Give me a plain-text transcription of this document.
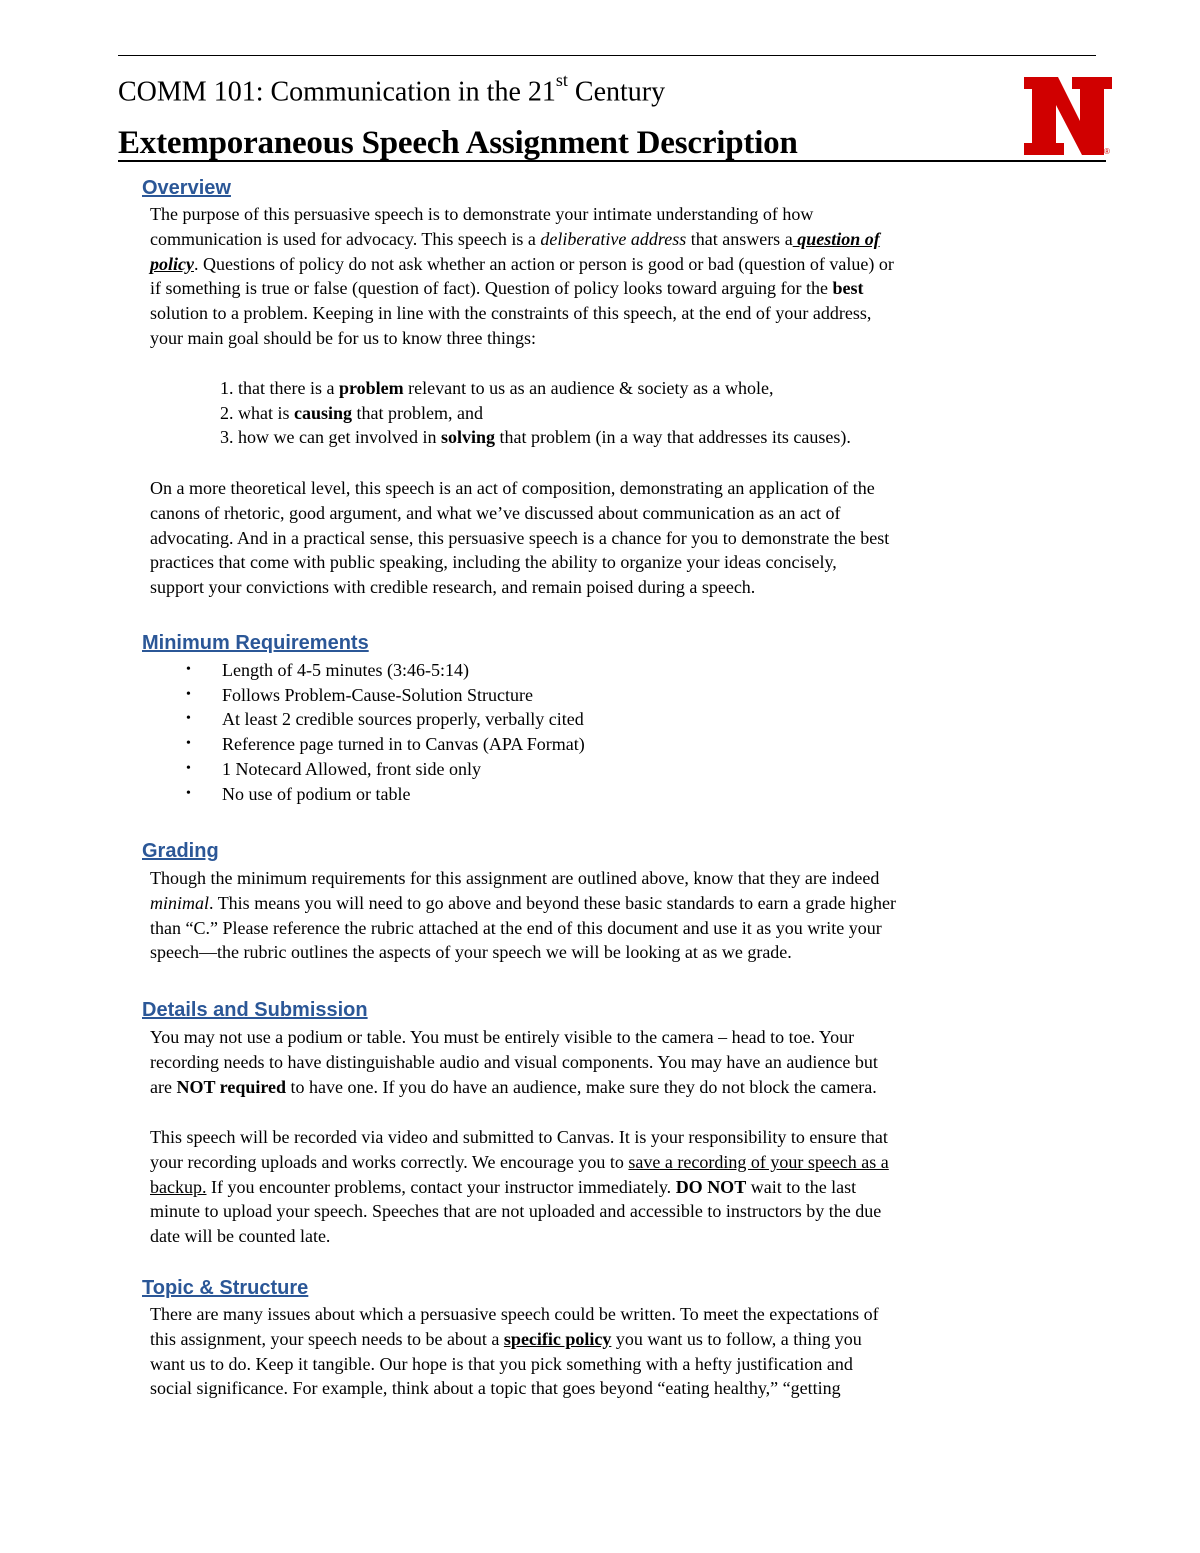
COMM 101: Communication in the 21st Century
Extemporaneous Speech Assignment Description
N
®
Overview
The purpose of this persuasive speech is to demonstrate your intimate understanding of how
communication is used for advocacy. This speech is a deliberative address that answers a question of
policy. Questions of policy do not ask whether an action or person is good or bad (question of value) or
if something is true or false (question of fact). Question of policy looks toward arguing for the best
solution to a problem. Keeping in line with the constraints of this speech, at the end of your address,
your main goal should be for us to know three things:
1. that there is a problem relevant to us as an audience & society as a whole,
2. what is causing that problem, and
3. how we can get involved in solving that problem (in a way that addresses its causes).
On a more theoretical level, this speech is an act of composition, demonstrating an application of the
canons of rhetoric, good argument, and what we’ve discussed about communication as an act of
advocating. And in a practical sense, this persuasive speech is a chance for you to demonstrate the best
practices that come with public speaking, including the ability to organize your ideas concisely,
support your convictions with credible research, and remain poised during a speech.
Minimum Requirements
• Length of 4-5 minutes (3:46-5:14)
• Follows Problem-Cause-Solution Structure
• At least 2 credible sources properly, verbally cited
• Reference page turned in to Canvas (APA Format)
• 1 Notecard Allowed, front side only
• No use of podium or table
Grading
Though the minimum requirements for this assignment are outlined above, know that they are indeed
minimal. This means you will need to go above and beyond these basic standards to earn a grade higher
than “C.” Please reference the rubric attached at the end of this document and use it as you write your
speech—the rubric outlines the aspects of your speech we will be looking at as we grade.
Details and Submission
You may not use a podium or table. You must be entirely visible to the camera – head to toe. Your
recording needs to have distinguishable audio and visual components. You may have an audience but
are NOT required to have one. If you do have an audience, make sure they do not block the camera.
This speech will be recorded via video and submitted to Canvas. It is your responsibility to ensure that
your recording uploads and works correctly. We encourage you to save a recording of your speech as a
backup. If you encounter problems, contact your instructor immediately. DO NOT wait to the last
minute to upload your speech. Speeches that are not uploaded and accessible to instructors by the due
date will be counted late.
Topic & Structure
There are many issues about which a persuasive speech could be written. To meet the expectations of
this assignment, your speech needs to be about a specific policy you want us to follow, a thing you
want us to do. Keep it tangible. Our hope is that you pick something with a hefty justification and
social significance. For example, think about a topic that goes beyond “eating healthy,” “getting
